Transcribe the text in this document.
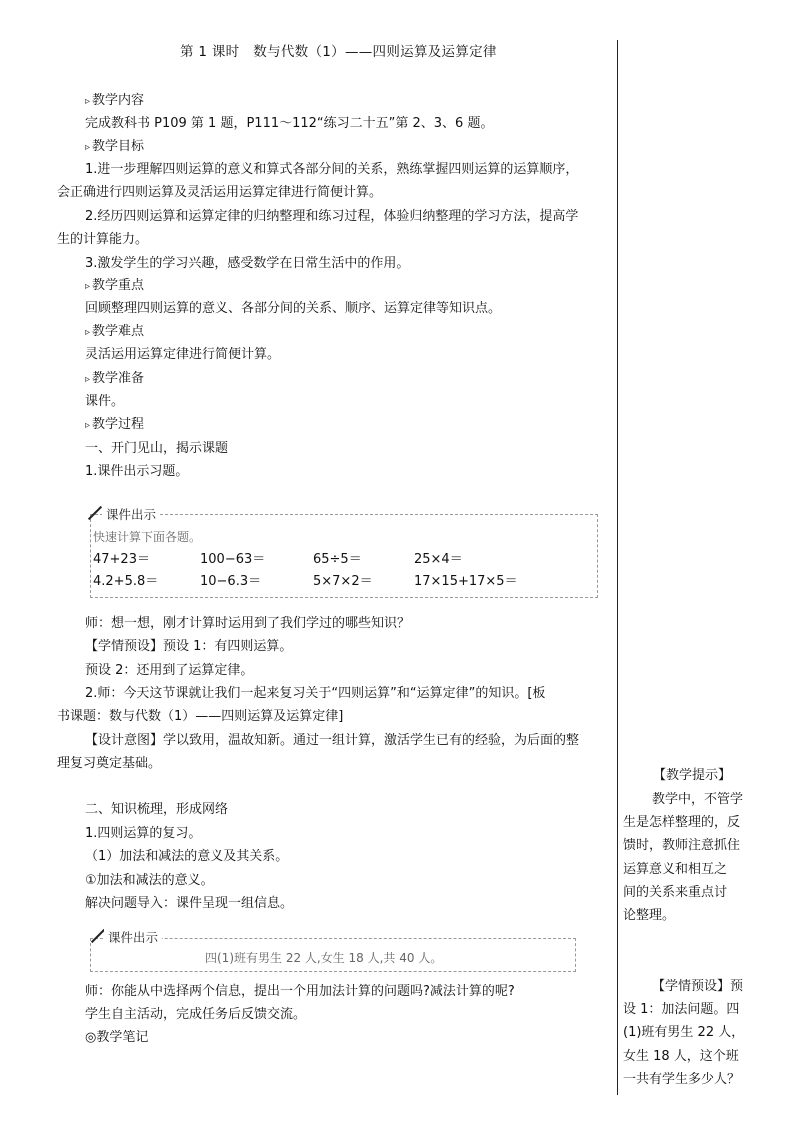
第 1 课时　数与代数（1）——四则运算及运算定律
▹ 教学内容
完成教科书 P109 第 1 题，P111～112“练习二十五”第 2、3、6 题。
▹ 教学目标
1.进一步理解四则运算的意义和算式各部分间的关系，熟练掌握四则运算的运算顺序，
会正确进行四则运算及灵活运用运算定律进行简便计算。
2.经历四则运算和运算定律的归纳整理和练习过程，体验归纳整理的学习方法，提高学
生的计算能力。
3.激发学生的学习兴趣，感受数学在日常生活中的作用。
▹ 教学重点
回顾整理四则运算的意义、各部分间的关系、顺序、运算定律等知识点。
▹ 教学难点
灵活运用运算定律进行简便计算。
▹ 教学准备
课件。
▹ 教学过程
一、开门见山，揭示课题
1.课件出示习题。
课件出示
快速计算下面各题。
47+23＝	100−63＝	65÷5＝	25×4＝
4.2+5.8＝	10−6.3＝	5×7×2＝	17×15+17×5＝
师：想一想，刚才计算时运用到了我们学过的哪些知识？
【学情预设】预设 1：有四则运算。
预设 2：还用到了运算定律。
2.师：今天这节课就让我们一起来复习关于“四则运算”和“运算定律”的知识。[板
书课题：数与代数（1）——四则运算及运算定律]
【设计意图】学以致用，温故知新。通过一组计算，激活学生已有的经验，为后面的整
理复习奠定基础。
二、知识梳理，形成网络
1.四则运算的复习。
（1）加法和减法的意义及其关系。
①加法和减法的意义。
解决问题导入：课件呈现一组信息。
课件出示
四(1)班有男生 22 人,女生 18 人,共 40 人。
师：你能从中选择两个信息，提出一个用加法计算的问题吗?减法计算的呢?
学生自主活动，完成任务后反馈交流。
◎教学笔记
【教学提示】
教学中，不管学
生是怎样整理的，反
馈时，教师注意抓住
运算意义和相互之
间的关系来重点讨
论整理。
【学情预设】预
设 1：加法问题。四
(1)班有男生 22 人，
女生 18 人，这个班
一共有学生多少人？
